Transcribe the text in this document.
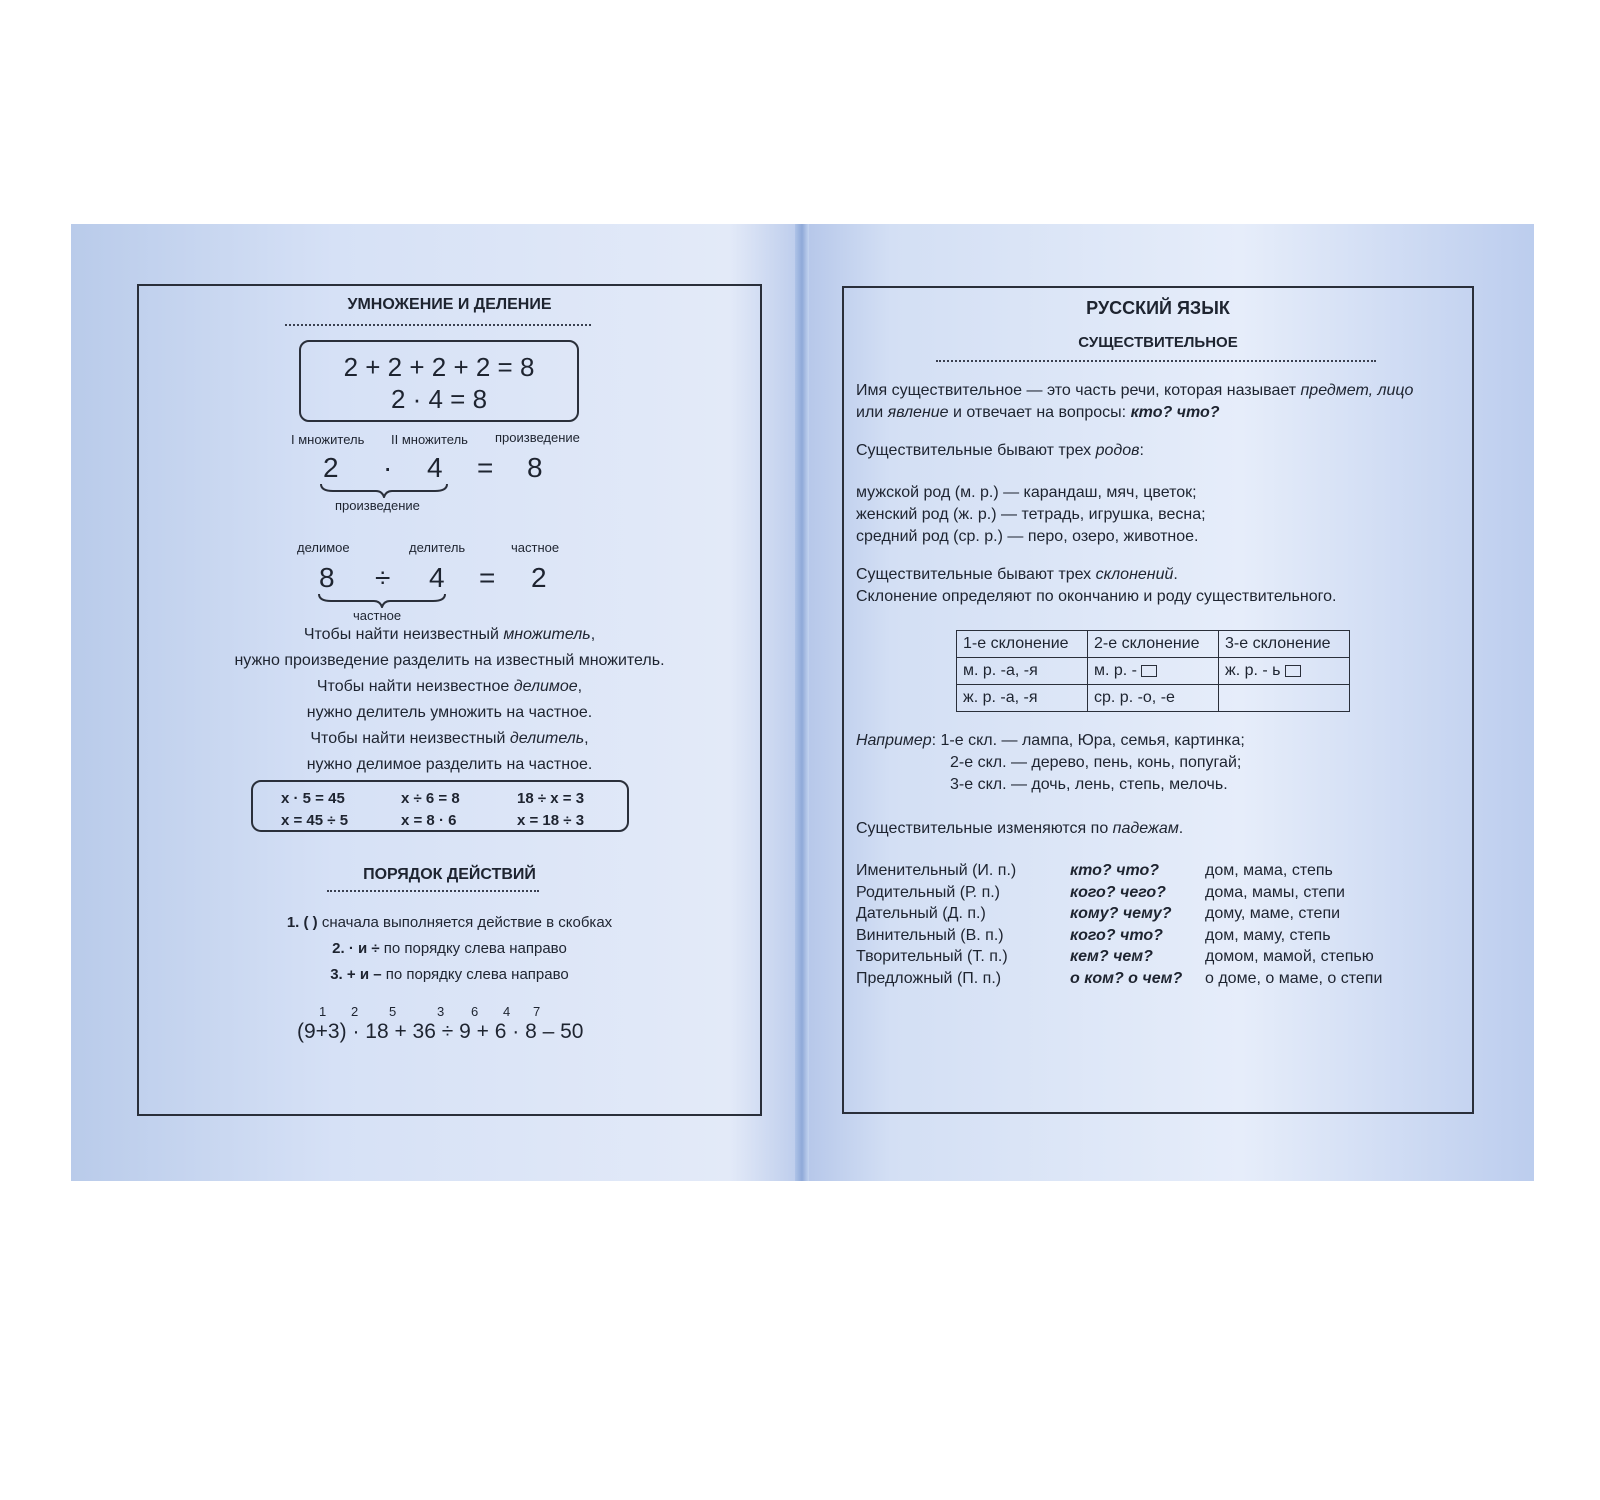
УМНОЖЕНИЕ И ДЕЛЕНИЕ
2 + 2 + 2 + 2 = 8
2 · 4 = 8
I множитель II множитель произведение
2 · 4 = 8
произведение
делимое	делитель	частное
8 ÷ 4 = 2
частное
Чтобы найти неизвестный множитель,
нужно произведение разделить на известный множитель.
Чтобы найти неизвестное делимое,
нужно делитель умножить на частное.
Чтобы найти неизвестный делитель,
нужно делимое разделить на частное.
x · 5 = 45
x = 45 ÷ 5
x ÷ 6 = 8
x = 8 · 6
18 ÷ x = 3
x = 18 ÷ 3
ПОРЯДОК ДЕЙСТВИЙ
1. ( ) сначала выполняется действие в скобках
2. · и ÷ по порядку слева направо
3. + и – по порядку слева направо
1 2 5	3 6 4 7
(9+3) · 18 + 36 ÷ 9 + 6 · 8 – 50
РУССКИЙ ЯЗЫК
СУЩЕСТВИТЕЛЬНОЕ
Имя существительное — это часть речи, которая называет предмет, лицо
или явление и отвечает на вопросы: кто? что?
Существительные бывают трех родов:
мужской род (м. р.) — карандаш, мяч, цветок;
женский род (ж. р.) — тетрадь, игрушка, весна;
средний род (ср. р.) — перо, озеро, животное.
Существительные бывают трех склонений.
Склонение определяют по окончанию и роду существительного.
1-е склонение	2-е склонение	3-е склонение
м. р. -а, -я	м. р. -	ж. р. - ь
ж. р. -а, -я	ср. р. -о, -е	
Например: 1-е скл. — лампа, Юра, семья, картинка;
2-е скл. — дерево, пень, конь, попугай;
3-е скл. — дочь, лень, степь, мелочь.
Существительные изменяются по падежам.
Именительный (И. п.)	кто? что?	дом, мама, степь
Родительный (Р. п.)	кого? чего?	дома, мамы, степи
Дательный (Д. п.)	кому? чему?	дому, маме, степи
Винительный (В. п.)	кого? что?	дом, маму, степь
Творительный (Т. п.)	кем? чем?	домом, мамой, степью
Предложный (П. п.)	о ком? о чем?	о доме, о маме, о степи
